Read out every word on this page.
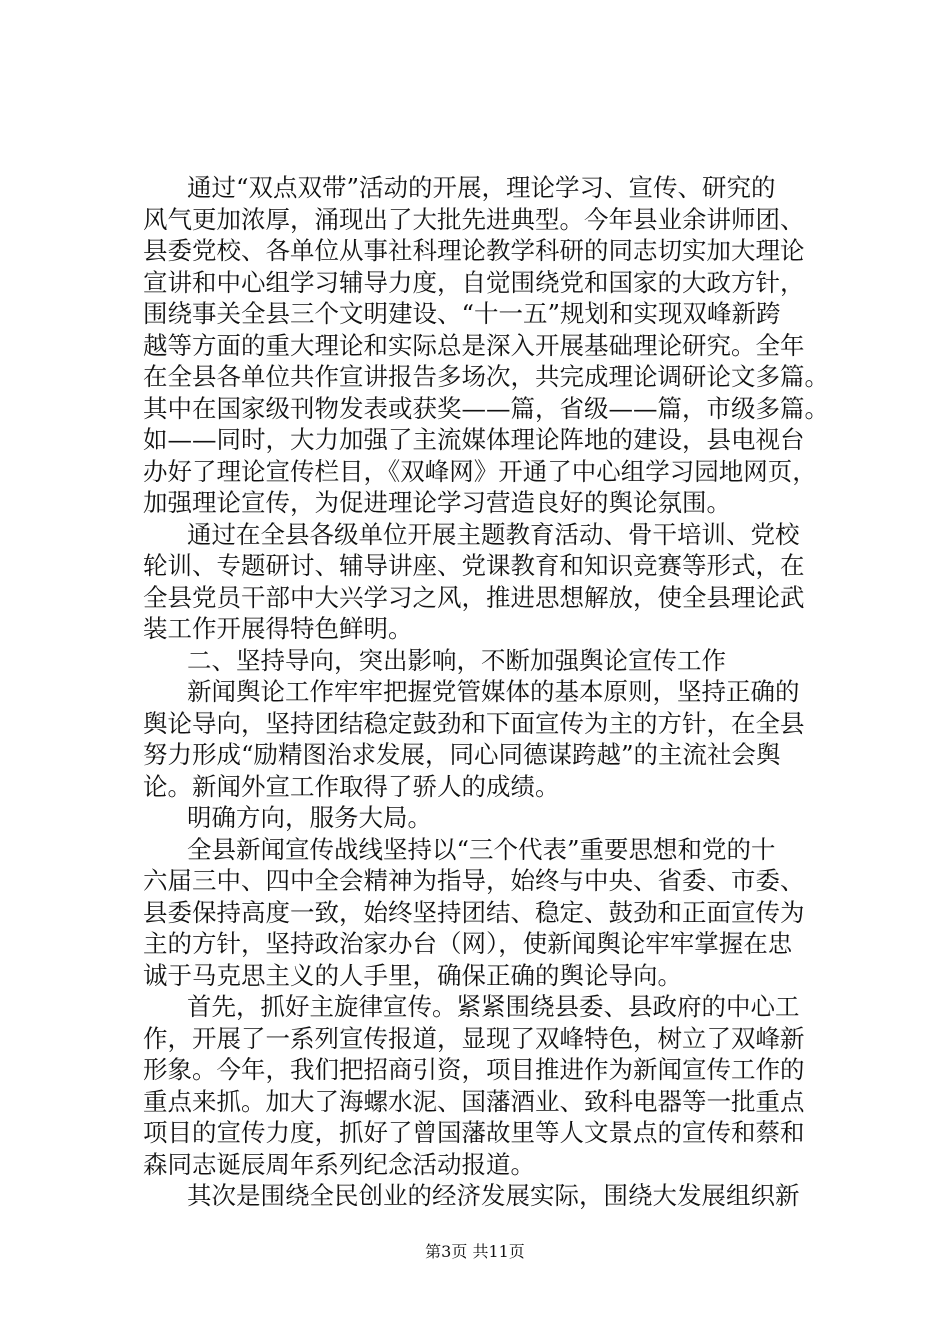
通过“双点双带”活动的开展，理论学习、宣传、研究的
风气更加浓厚，涌现出了大批先进典型。今年县业余讲师团、
县委党校、各单位从事社科理论教学科研的同志切实加大理论
宣讲和中心组学习辅导力度，自觉围绕党和国家的大政方针，
围绕事关全县三个文明建设、“十一五”规划和实现双峰新跨
越等方面的重大理论和实际总是深入开展基础理论研究。全年
在全县各单位共作宣讲报告多场次，共完成理论调研论文多篇。
其中在国家级刊物发表或获奖——篇，省级——篇，市级多篇。
如——同时，大力加强了主流媒体理论阵地的建设，县电视台
办好了理论宣传栏目，《双峰网》开通了中心组学习园地网页，
加强理论宣传，为促进理论学习营造良好的舆论氛围。
通过在全县各级单位开展主题教育活动、骨干培训、党校
轮训、专题研讨、辅导讲座、党课教育和知识竞赛等形式，在
全县党员干部中大兴学习之风，推进思想解放，使全县理论武
装工作开展得特色鲜明。
二、坚持导向，突出影响，不断加强舆论宣传工作
新闻舆论工作牢牢把握党管媒体的基本原则，坚持正确的
舆论导向，坚持团结稳定鼓劲和下面宣传为主的方针，在全县
努力形成“励精图治求发展，同心同德谋跨越”的主流社会舆
论。新闻外宣工作取得了骄人的成绩。
明确方向，服务大局。
全县新闻宣传战线坚持以“三个代表”重要思想和党的十
六届三中、四中全会精神为指导，始终与中央、省委、市委、
县委保持高度一致，始终坚持团结、稳定、鼓劲和正面宣传为
主的方针，坚持政治家办台（网），使新闻舆论牢牢掌握在忠
诚于马克思主义的人手里，确保正确的舆论导向。
首先，抓好主旋律宣传。紧紧围绕县委、县政府的中心工
作，开展了一系列宣传报道，显现了双峰特色，树立了双峰新
形象。今年，我们把招商引资，项目推进作为新闻宣传工作的
重点来抓。加大了海螺水泥、国藩酒业、致科电器等一批重点
项目的宣传力度，抓好了曾国藩故里等人文景点的宣传和蔡和
森同志诞辰周年系列纪念活动报道。
其次是围绕全民创业的经济发展实际，围绕大发展组织新
第3页 共11页
